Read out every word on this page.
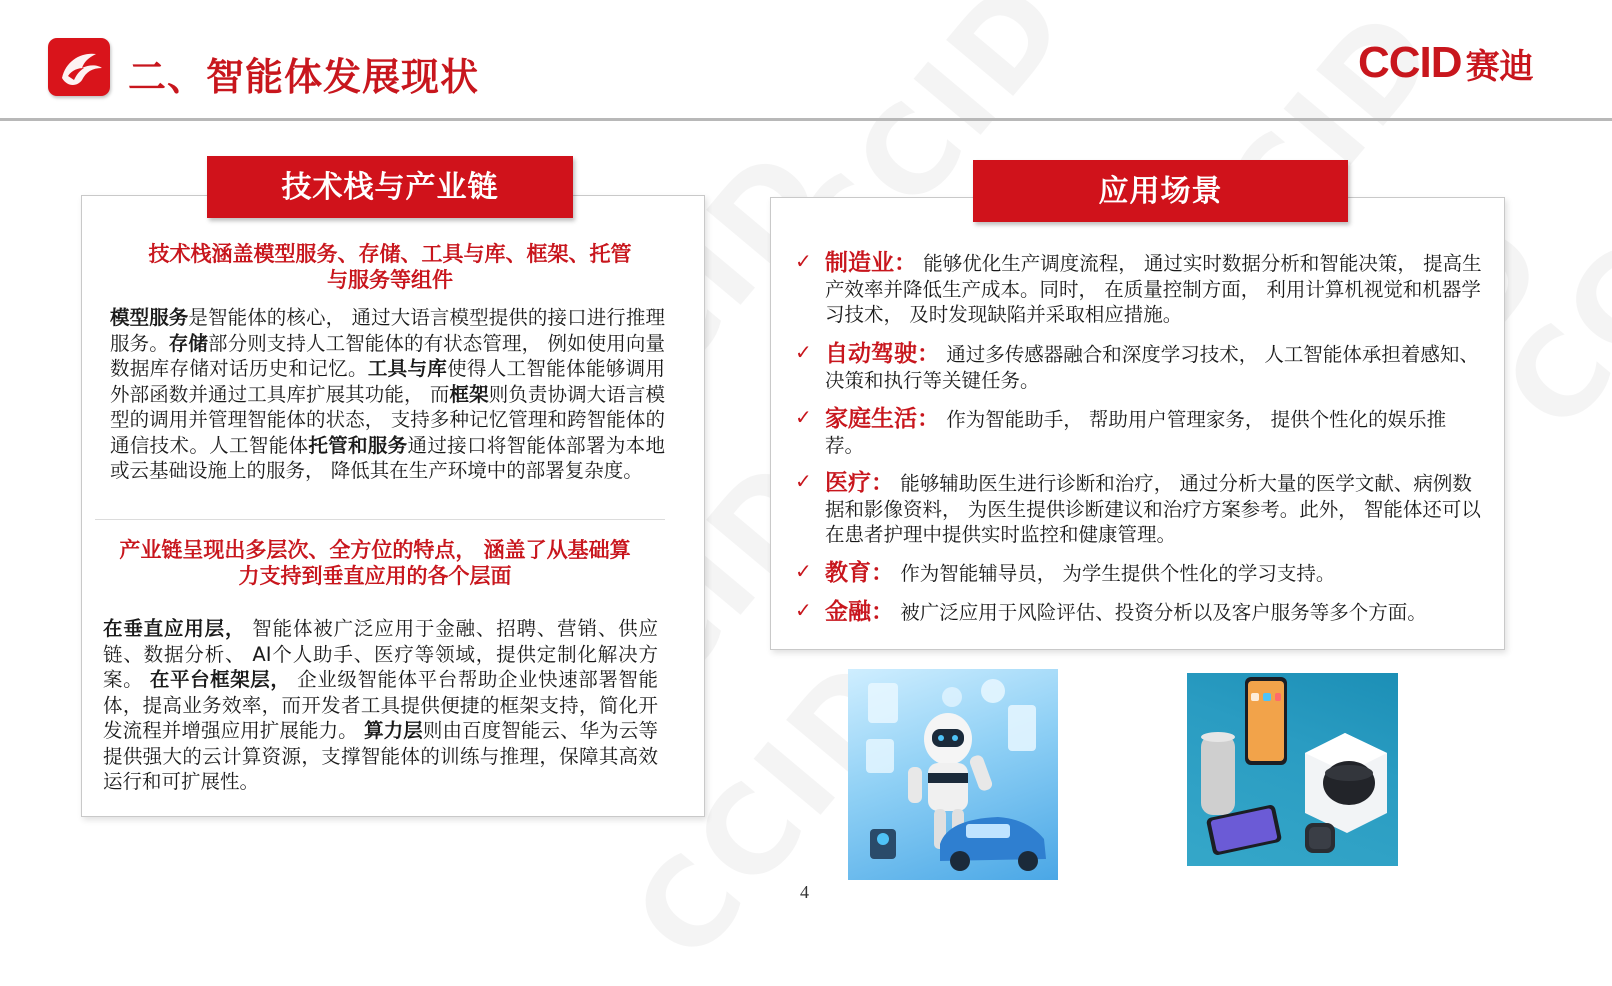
二、智能体发展现状	CCID 赛迪
技术栈与产业链
技术栈涵盖模型服务、存储、工具与库、框架、托管与服务等组件
模型服务是智能体的核心， 通过大语言模型提供的接口进行推理服务。存储部分则支持人工智能体的有状态管理， 例如使用向量数据库存储对话历史和记忆。工具与库使得人工智能体能够调用外部函数并通过工具库扩展其功能， 而框架则负责协调大语言模型的调用并管理智能体的状态， 支持多种记忆管理和跨智能体的通信技术。人工智能体托管和服务通过接口将智能体部署为本地或云基础设施上的服务， 降低其在生产环境中的部署复杂度。
产业链呈现出多层次、全方位的特点， 涵盖了从基础算力支持到垂直应用的各个层面
在垂直应用层， 智能体被广泛应用于金融、招聘、营销、供应链、数据分析、 AI个人助手、医疗等领域，提供定制化解决方案。 在平台框架层， 企业级智能体平台帮助企业快速部署智能体，提高业务效率，而开发者工具提供便捷的框架支持，简化开发流程并增强应用扩展能力。 算力层则由百度智能云、华为云等提供强大的云计算资源，支撑智能体的训练与推理，保障其高效运行和可扩展性。
应用场景
✓ 制造业： 能够优化生产调度流程， 通过实时数据分析和智能决策， 提高生产效率并降低生产成本。同时， 在质量控制方面， 利用计算机视觉和机器学习技术， 及时发现缺陷并采取相应措施。
✓ 自动驾驶： 通过多传感器融合和深度学习技术， 人工智能体承担着感知、决策和执行等关键任务。
✓ 家庭生活： 作为智能助手， 帮助用户管理家务， 提供个性化的娱乐推荐。
✓ 医疗： 能够辅助医生进行诊断和治疗， 通过分析大量的医学文献、病例数据和影像资料， 为医生提供诊断建议和治疗方案参考。此外， 智能体还可以在患者护理中提供实时监控和健康管理。
✓ 教育： 作为智能辅导员， 为学生提供个性化的学习支持。
✓ 金融： 被广泛应用于风险评估、投资分析以及客户服务等多个方面。
4
